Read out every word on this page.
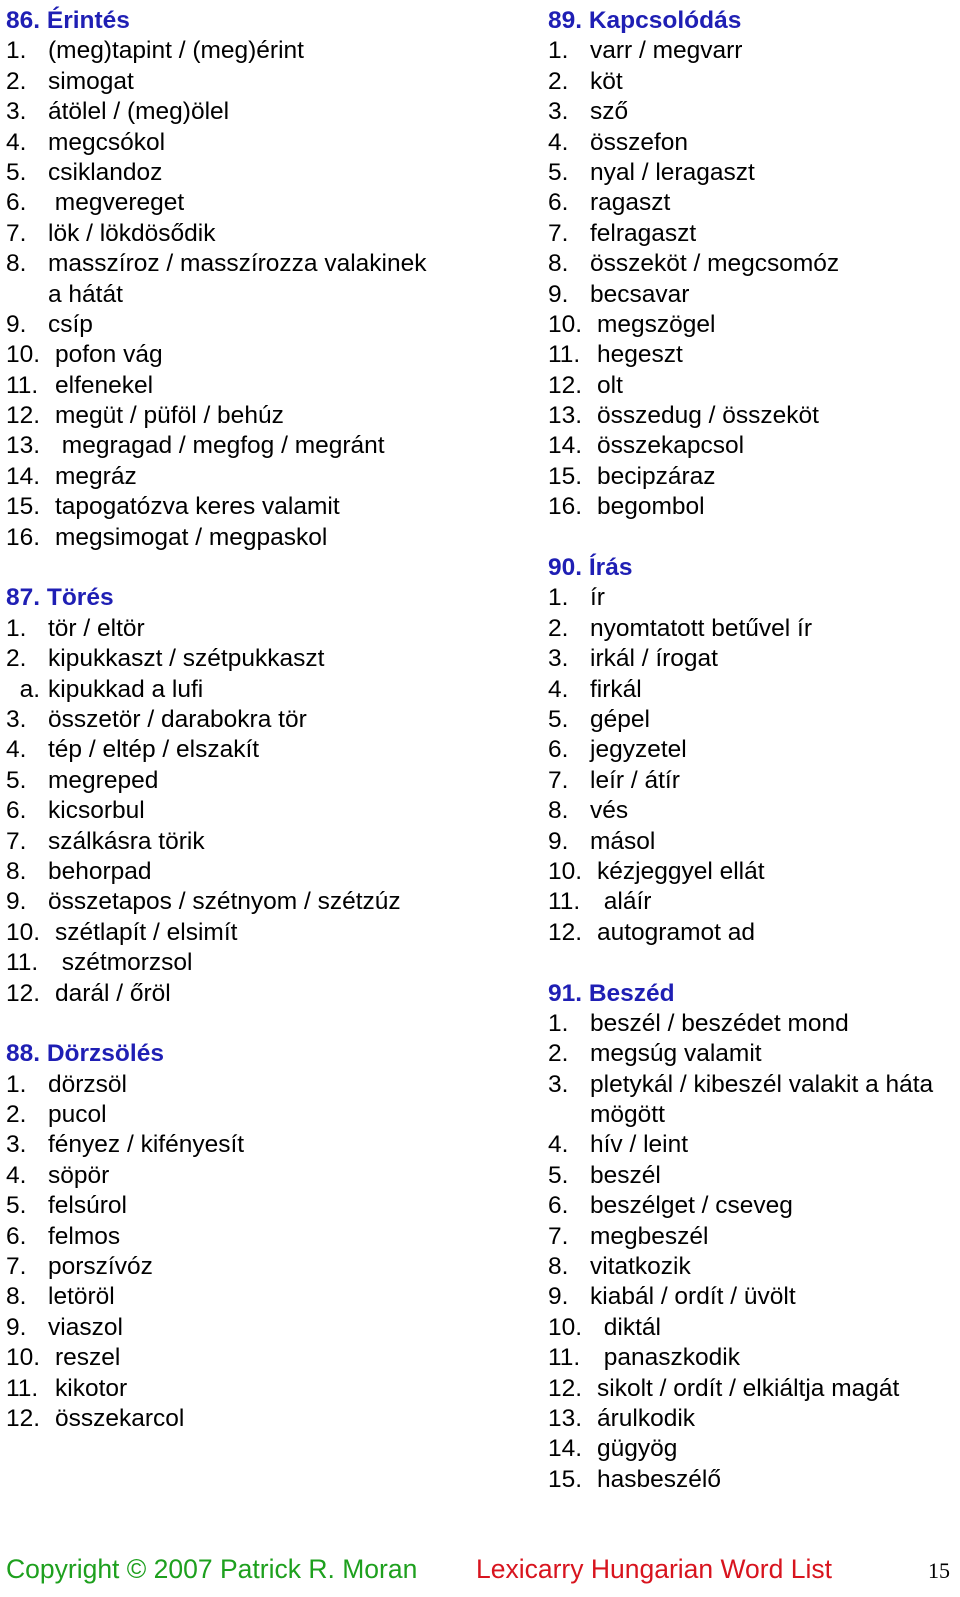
86. Érintés
1. (meg)tapint / (meg)érint
2. simogat
3. átölel / (meg)ölel
4. megcsókol
5. csiklandoz
6. megvereget
7. lök / lökdösődik
8. masszíroz / masszírozza valakinek
a hátát
9. csíp
10. pofon vág
11. elfenekel
12. megüt / püföl / behúz
13. megragad / megfog / megránt
14. megráz
15. tapogatózva keres valamit
16. megsimogat / megpaskol
87. Törés
1. tör / eltör
2. kipukkaszt / szétpukkaszt
a. kipukkad a lufi
3. összetör / darabokra tör
4. tép / eltép / elszakít
5. megreped
6. kicsorbul
7. szálkásra törik
8. behorpad
9. összetapos / szétnyom / szétzúz
10. szétlapít / elsimít
11. szétmorzsol
12. darál / őröl
88. Dörzsölés
1. dörzsöl
2. pucol
3. fényez / kifényesít
4. söpör
5. felsúrol
6. felmos
7. porszívóz
8. letöröl
9. viaszol
10. reszel
11. kikotor
12. összekarcol
89. Kapcsolódás
1. varr / megvarr
2. köt
3. sző
4. összefon
5. nyal / leragaszt
6. ragaszt
7. felragaszt
8. összeköt / megcsomóz
9. becsavar
10. megszögel
11. hegeszt
12. olt
13. összedug / összeköt
14. összekapcsol
15. becipzáraz
16. begombol
90. Írás
1. ír
2. nyomtatott betűvel ír
3. irkál / írogat
4. firkál
5. gépel
6. jegyzetel
7. leír / átír
8. vés
9. másol
10. kézjeggyel ellát
11. aláír
12. autogramot ad
91. Beszéd
1. beszél / beszédet mond
2. megsúg valamit
3. pletykál / kibeszél valakit a háta
mögött
4. hív / leint
5. beszél
6. beszélget / cseveg
7. megbeszél
8. vitatkozik
9. kiabál / ordít / üvölt
10. diktál
11. panaszkodik
12. sikolt / ordít / elkiáltja magát
13. árulkodik
14. gügyög
15. hasbeszélő
Copyright © 2007 Patrick R. Moran Lexicarry Hungarian Word List	15
